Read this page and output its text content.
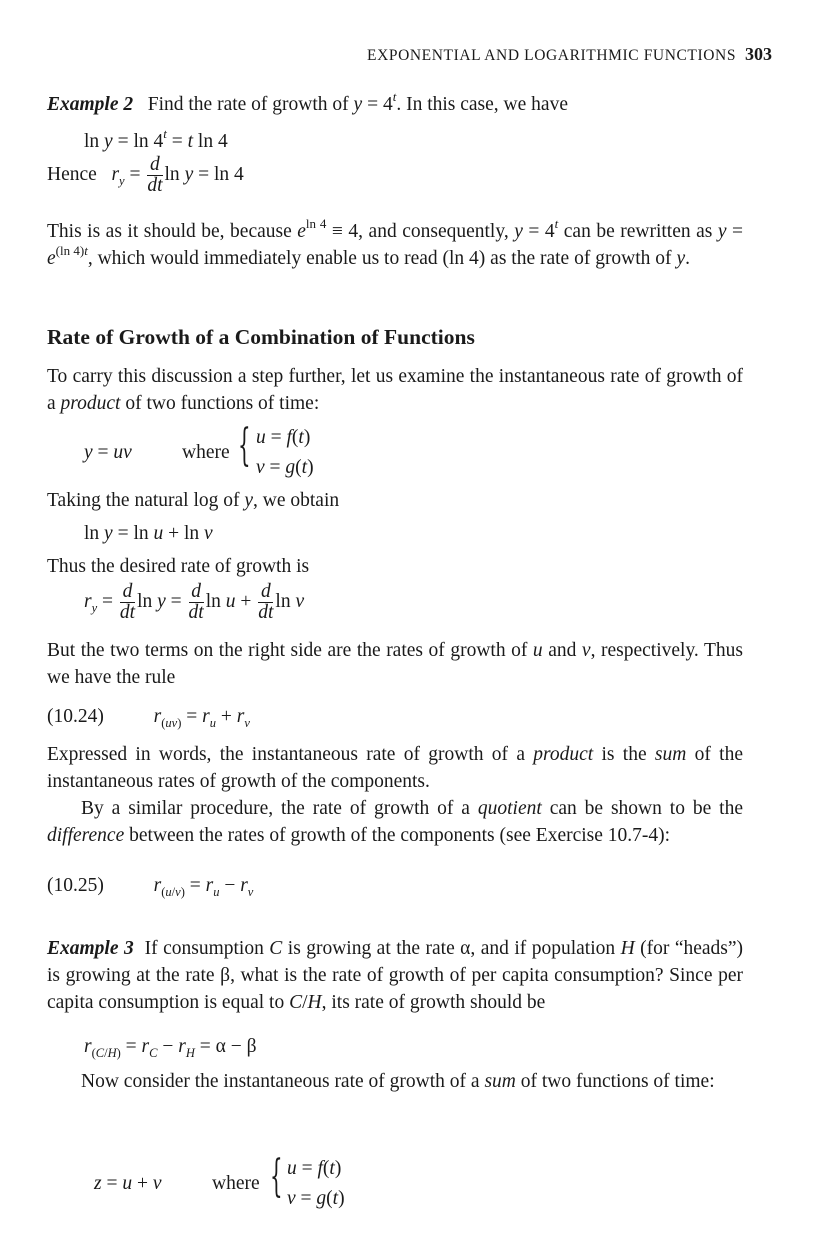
EXPONENTIAL AND LOGARITHMIC FUNCTIONS 303
Example 2 Find the rate of growth of $y = 4^t$. In this case, we have
$\ln y = \ln 4^t = t$ ln 4
Hence $r_y = \frac{d}{dt}$ ln y = ln 4
This is as it should be, because $e^{ln 4} \equiv 4$, and consequently, $y = 4^t$ can be rewritten as $y = e^{(ln 4)t}$, which would immediately enable us to read (ln 4) as the rate of growth of y.
Rate of Growth of a Combination of Functions
To carry this discussion a step further, let us examine the instantaneous rate of growth of a product of two functions of time:
y = uv	where { u = f(t)
v = g(t)
Taking the natural log of y, we obtain
ln y = ln u + ln v
Thus the desired rate of growth is
$r_y = \frac{d}{dt}$ $\ln y = \frac{d}{dt}$ $\ln u + \frac{d}{dt}$ ln v
But the two terms on the right side are the rates of growth of u and v, respectively. Thus we have the rule
(10.24)	$r_{(uv)} = r_u + r_v$
Expressed in words, the instantaneous rate of growth of a product is the sum of the instantaneous rates of growth of the components.
By a similar procedure, the rate of growth of a quotient can be shown to be the difference between the rates of growth of the components (see Exercise 10.7-4):
(10.25)	$r_{(u/v)} = r_u - r_v$
Example 3  If consumption C is growing at the rate α, and if population H (for “heads”) is growing at the rate β, what is the rate of growth of per capita consumption? Since per capita consumption is equal to C/H, its rate of growth should be
$r_{(C/H)} = r_C - r_H = \alpha - \beta$
Now consider the instantaneous rate of growth of a sum of two functions of time:
z = u + v	where { u = f(t)
v = g(t)
